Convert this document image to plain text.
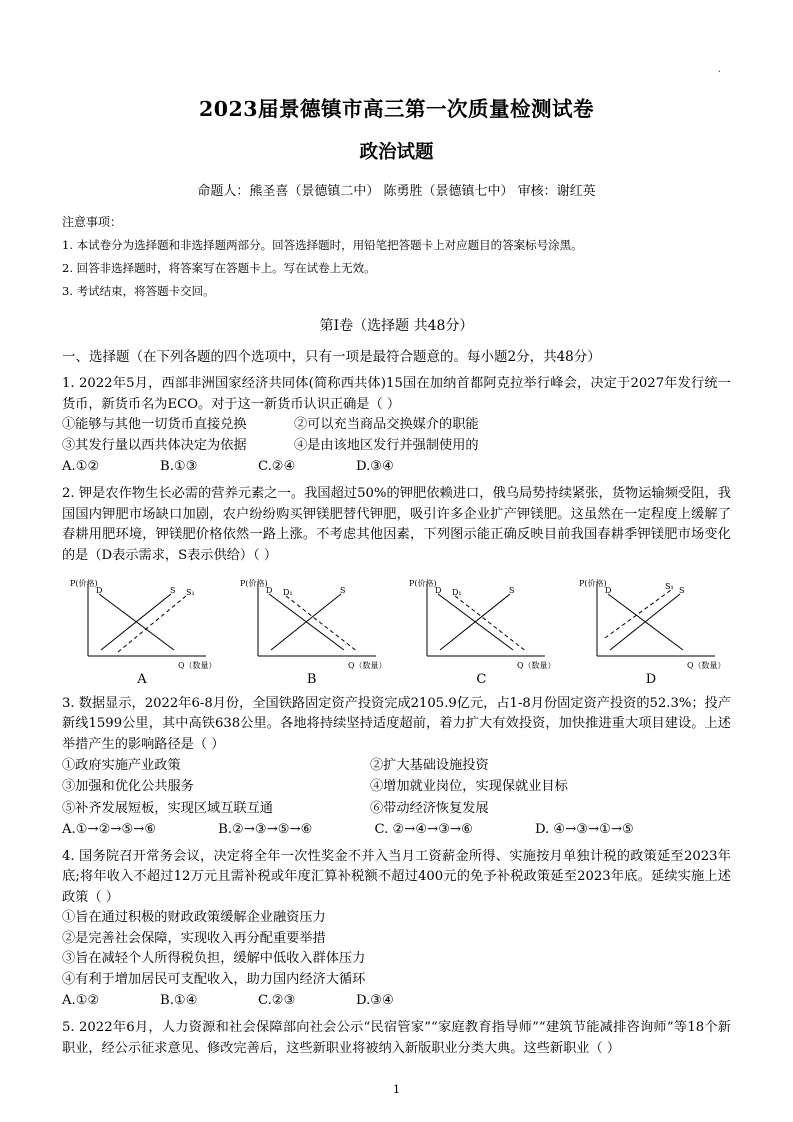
.
2023届景德镇市高三第一次质量检测试卷
政治试题
命题人：熊圣喜（景德镇二中） 陈勇胜（景德镇七中） 审核：谢红英
注意事项：
1. 本试卷分为选择题和非选择题两部分。回答选择题时，用铅笔把答题卡上对应题目的答案标号涂黑。
2. 回答非选择题时，将答案写在答题卡上。写在试卷上无效。
3. 考试结束，将答题卡交回。
第Ⅰ卷（选择题 共48分）
一、选择题（在下列各题的四个选项中，只有一项是最符合题意的。每小题2分，共48分）
1. 2022年5月，西部非洲国家经济共同体(简称西共体)15国在加纳首都阿克拉举行峰会，决定于2027年发行统一货币，新货币名为ECO。对于这一新货币认识正确是（ ）
①能够与其他一切货币直接兑换	②可以充当商品交换媒介的职能
③其发行量以西共体决定为依据	④是由该地区发行并强制使用的
A.①②	B.①③	C.②④	D.③④
2. 钾是农作物生长必需的营养元素之一。我国超过50%的钾肥依赖进口，俄乌局势持续紧张，货物运输频受阻，我国国内钾肥市场缺口加剧，农户纷纷购买钾镁肥替代钾肥，吸引许多企业扩产钾镁肥。这虽然在一定程度上缓解了春耕用肥环境，钾镁肥价格依然一路上涨。不考虑其他因素，下列图示能正确反映目前我国春耕季钾镁肥市场变化的是（D表示需求，S表示供给）（ ）
P(价格)
D	S S₁
Q（数量）
A
P(价格)
D	S
D₁
Q（数量）
B
P(价格)
D	S
D₁
Q（数量）
C
P(价格)
D	S
S₁
Q（数量）
D
3. 数据显示，2022年6-8月份，全国铁路固定资产投资完成2105.9亿元，占1-8月份固定资产投资的52.3%；投产新线1599公里，其中高铁638公里。各地将持续坚持适度超前，着力扩大有效投资，加快推进重大项目建设。上述举措产生的影响路径是（ ）
①政府实施产业政策	②扩大基础设施投资
③加强和优化公共服务	④增加就业岗位，实现保就业目标
⑤补齐发展短板，实现区域互联互通	⑥带动经济恢复发展
A.①→②→⑤→⑥	B.②→③→⑤→⑥	C. ②→④→③→⑥	D. ④→③→①→⑤
4. 国务院召开常务会议，决定将全年一次性奖金不并入当月工资薪金所得、实施按月单独计税的政策延至2023年底;将年收入不超过12万元且需补税或年度汇算补税额不超过400元的免予补税政策延至2023年底。延续实施上述政策（ ）
①旨在通过积极的财政政策缓解企业融资压力
②是完善社会保障，实现收入再分配重要举措
③旨在减轻个人所得税负担，缓解中低收入群体压力
④有利于增加居民可支配收入，助力国内经济大循环
A.①②	B.①④	C.②③	D.③④
5. 2022年6月，人力资源和社会保障部向社会公示“民宿管家”“家庭教育指导师”“建筑节能减排咨询师”等18个新职业，经公示征求意见、修改完善后，这些新职业将被纳入新版职业分类大典。这些新职业（ ）
1
